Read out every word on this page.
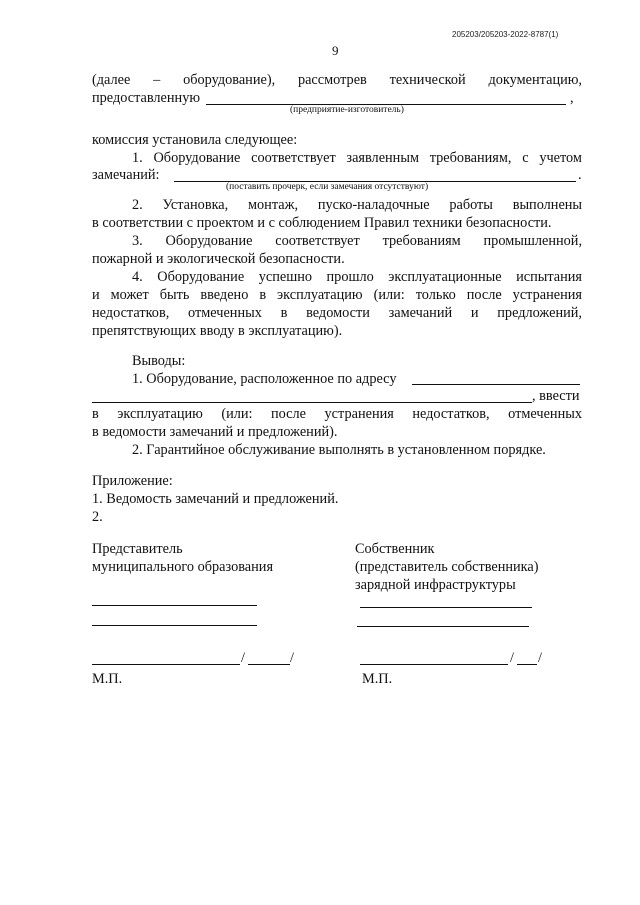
205203/205203-2022-8787(1)
9
(далее – оборудование), рассмотрев технической документацию,
предоставленную	,
(предприятие-изготовитель)
комиссия установила следующее:
1. Оборудование соответствует заявленным требованиям, с учетом
замечаний:	.
(поставить прочерк, если замечания отсутствуют)
2. Установка, монтаж, пуско-наладочные работы выполнены
в соответствии с проектом и с соблюдением Правил техники безопасности.
3. Оборудование соответствует требованиям промышленной,
пожарной и экологической безопасности.
4. Оборудование успешно прошло эксплуатационные испытания
и может быть введено в эксплуатацию (или: только после устранения
недостатков, отмеченных в ведомости замечаний и предложений,
препятствующих вводу в эксплуатацию).
Выводы:
1. Оборудование, расположенное по адресу
, ввести
в эксплуатацию (или: после устранения недостатков, отмеченных
в ведомости замечаний и предложений).
2. Гарантийное обслуживание выполнять в установленном порядке.
Приложение:
1. Ведомость замечаний и предложений.
2.
Представитель
муниципального образования
/	/
М.П.
Собственник
(представитель собственника)
зарядной инфраструктуры
/ /
М.П.
